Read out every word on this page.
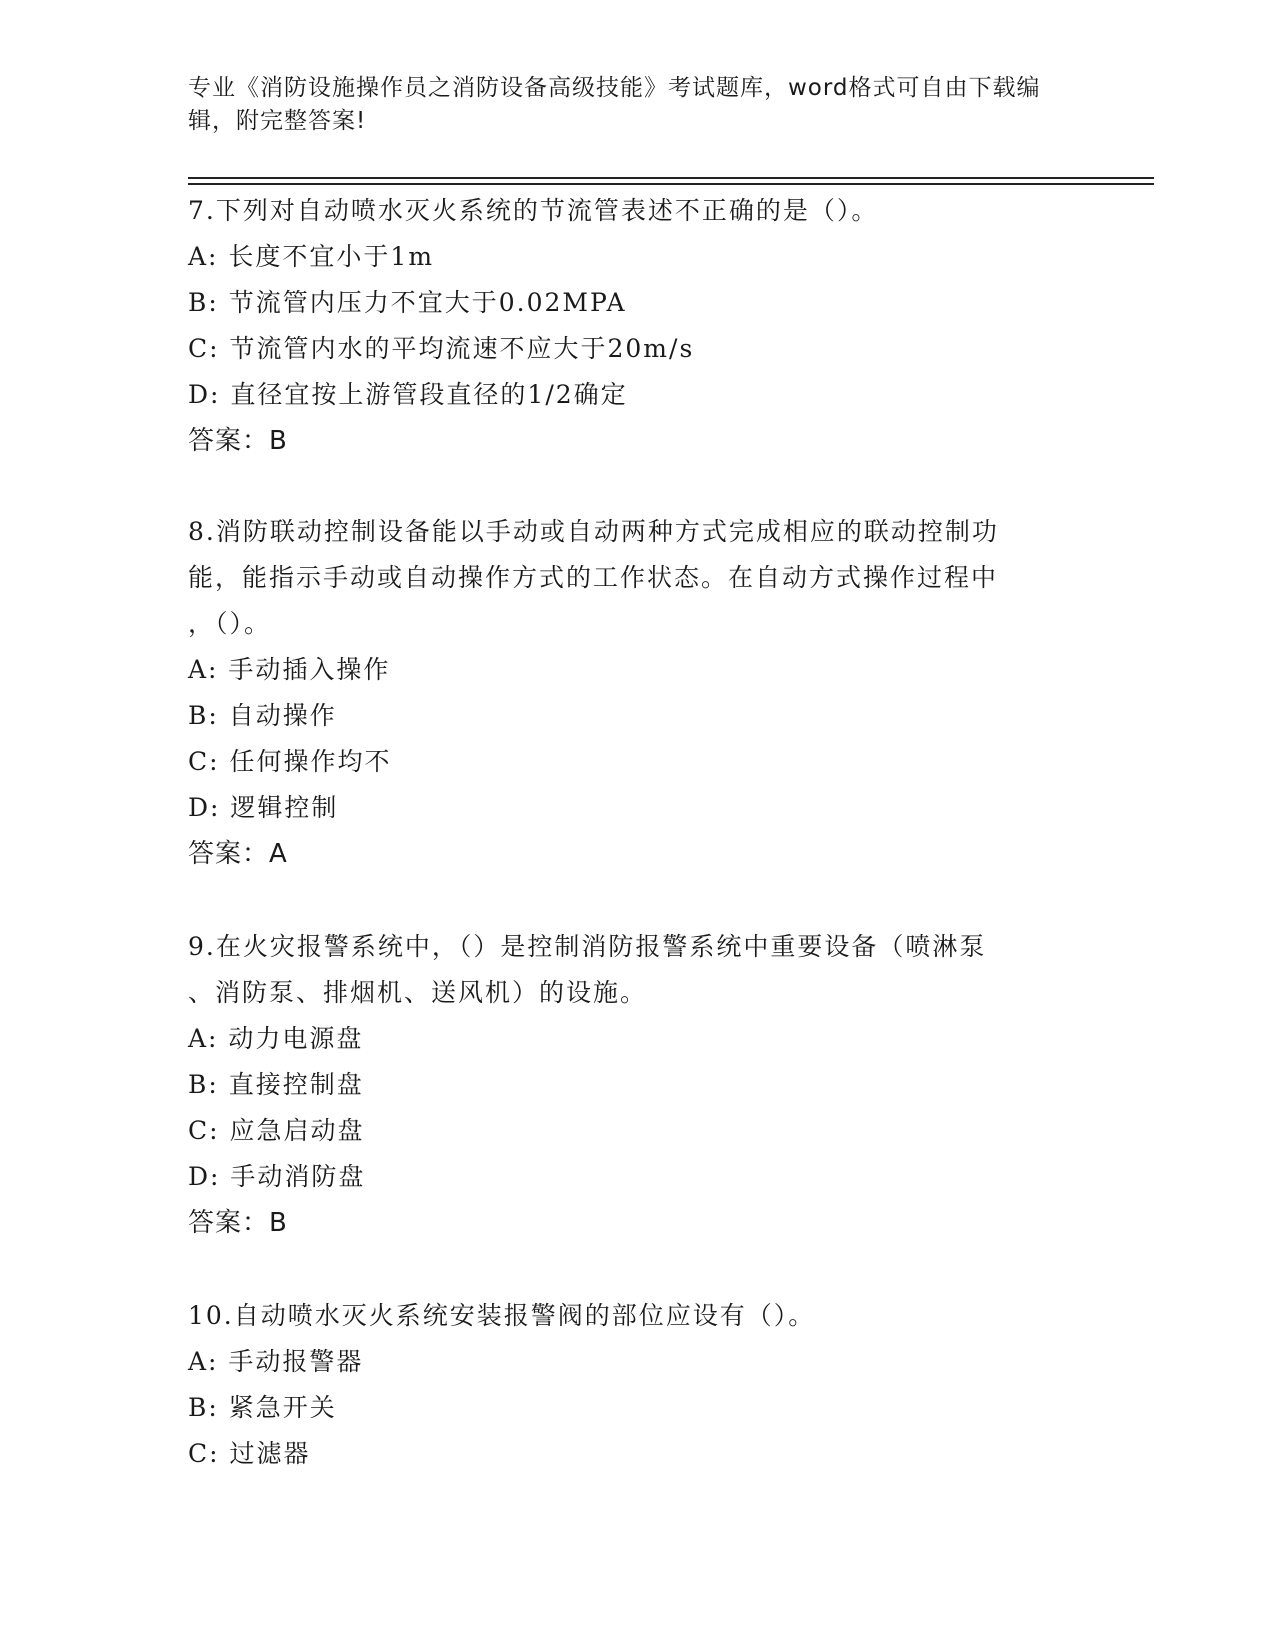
专业《消防设施操作员之消防设备高级技能》考试题库，word格式可自由下载编
辑，附完整答案!
7.下列对自动喷水灭火系统的节流管表述不正确的是（）。
A: 长度不宜小于1m
B: 节流管内压力不宜大于0.02MPA
C: 节流管内水的平均流速不应大于20m/s
D: 直径宜按上游管段直径的1/2确定
答案：B
8.消防联动控制设备能以手动或自动两种方式完成相应的联动控制功
能，能指示手动或自动操作方式的工作状态。在自动方式操作过程中
，（）。
A: 手动插入操作
B: 自动操作
C: 任何操作均不
D: 逻辑控制
答案：A
9.在火灾报警系统中，（）是控制消防报警系统中重要设备（喷淋泵
、消防泵、排烟机、送风机）的设施。
A: 动力电源盘
B: 直接控制盘
C: 应急启动盘
D: 手动消防盘
答案：B
10.自动喷水灭火系统安装报警阀的部位应设有（）。
A: 手动报警器
B: 紧急开关
C: 过滤器
